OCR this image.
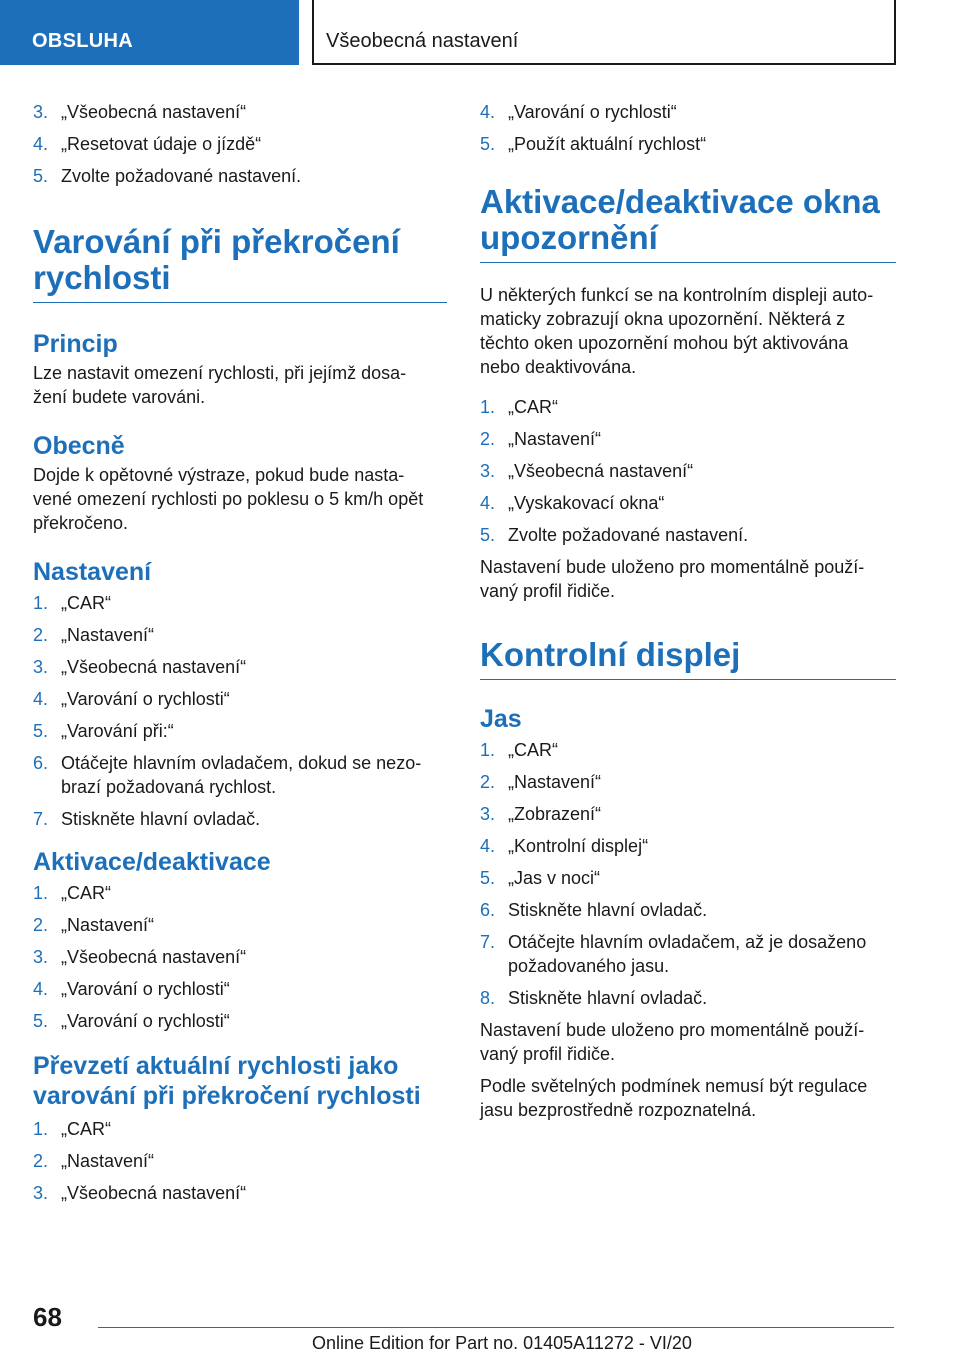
OBSLUHA	Všeobecná nastavení
3. „Všeobecná nastavení“
4. „Resetovat údaje o jízdě“
5. Zvolte požadované nastavení.
Varování při překročení
rychlosti
Princip

Lze nastavit omezení rychlosti, při jejímž dosa-
žení budete varováni.

Obecně

Dojde k opětovné výstraze, pokud bude nasta-
vené omezení rychlosti po poklesu o 5 km/h opět
překročeno.

Nastavení
1. „CAR“
2. „Nastavení“
3. „Všeobecná nastavení“
4. „Varování o rychlosti“
5. „Varování při:“
6. Otáčejte hlavním ovladačem, dokud se nezo-
brazí požadovaná rychlost.
7. Stiskněte hlavní ovladač.
Aktivace/deaktivace
1. „CAR“
2. „Nastavení“
3. „Všeobecná nastavení“
4. „Varování o rychlosti“
5. „Varování o rychlosti“
Převzetí aktuální rychlosti jako
varování při překročení rychlosti
1. „CAR“
2. „Nastavení“
3. „Všeobecná nastavení“
4. „Varování o rychlosti“
5. „Použít aktuální rychlost“
Aktivace/deaktivace okna
upozornění

U některých funkcí se na kontrolním displeji auto-
maticky zobrazují okna upozornění. Některá z
těchto oken upozornění mohou být aktivována
nebo deaktivována.

1. „CAR“
2. „Nastavení“
3. „Všeobecná nastavení“
4. „Vyskakovací okna“
5. Zvolte požadované nastavení.

Nastavení bude uloženo pro momentálně použí-
vaný profil řidiče.

Kontrolní displej
Jas
1. „CAR“
2. „Nastavení“
3. „Zobrazení“
4. „Kontrolní displej“
5. „Jas v noci“
6. Stiskněte hlavní ovladač.
7. Otáčejte hlavním ovladačem, až je dosaženo
požadovaného jasu.
8. Stiskněte hlavní ovladač.

Nastavení bude uloženo pro momentálně použí-
vaný profil řidiče.

Podle světelných podmínek nemusí být regulace
jasu bezprostředně rozpoznatelná.

68
Online Edition for Part no. 01405A11272 - VI/20
